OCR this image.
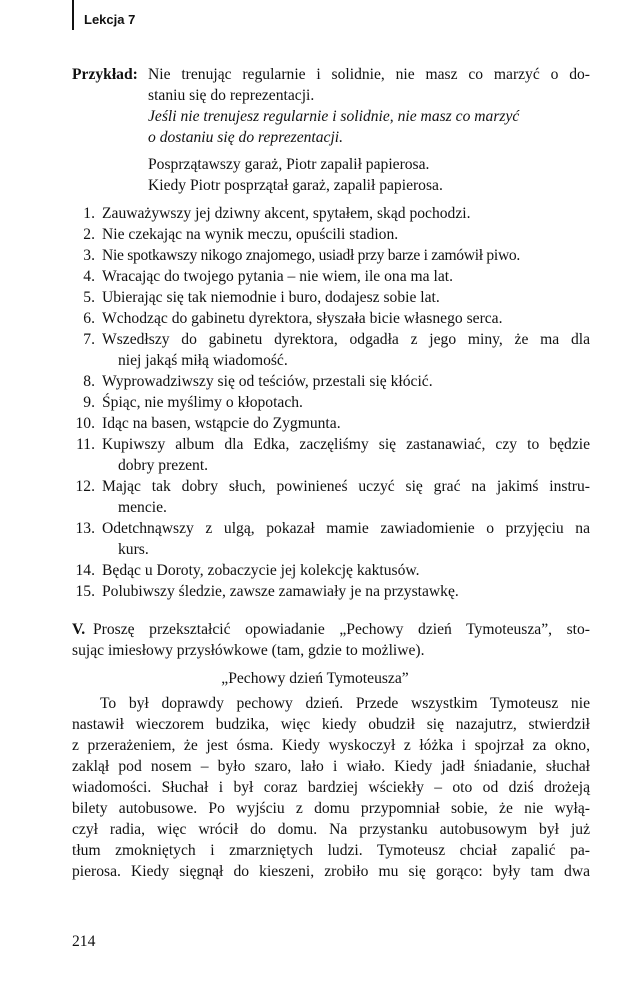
Lekcja 7
Przykład: Nie trenując regularnie i solidnie, nie masz co marzyć o do-
staniu się do reprezentacji.
Jeśli nie trenujesz regularnie i solidnie, nie masz co marzyć
o dostaniu się do reprezentacji.
Posprzątawszy garaż, Piotr zapalił papierosa.
Kiedy Piotr posprzątał garaż, zapalił papierosa.
1. Zauważywszy jej dziwny akcent, spytałem, skąd pochodzi.
2. Nie czekając na wynik meczu, opuścili stadion.
3. Nie spotkawszy nikogo znajomego, usiadł przy barze i zamówił piwo.
4. Wracając do twojego pytania – nie wiem, ile ona ma lat.
5. Ubierając się tak niemodnie i buro, dodajesz sobie lat.
6. Wchodząc do gabinetu dyrektora, słyszała bicie własnego serca.
7. Wszedłszy do gabinetu dyrektora, odgadła z jego miny, że ma dla
niej jakąś miłą wiadomość.
8. Wyprowadziwszy się od teściów, przestali się kłócić.
9. Śpiąc, nie myślimy o kłopotach.
10. Idąc na basen, wstąpcie do Zygmunta.
11. Kupiwszy album dla Edka, zaczęliśmy się zastanawiać, czy to będzie
dobry prezent.
12. Mając tak dobry słuch, powinieneś uczyć się grać na jakimś instru-
mencie.
13. Odetchnąwszy z ulgą, pokazał mamie zawiadomienie o przyjęciu na
kurs.
14. Będąc u Doroty, zobaczycie jej kolekcję kaktusów.
15. Polubiwszy śledzie, zawsze zamawiały je na przystawkę.
V. Proszę przekształcić opowiadanie „Pechowy dzień Tymoteusza”, sto-
sując imiesłowy przysłówkowe (tam, gdzie to możliwe).
„Pechowy dzień Tymoteusza”
To był doprawdy pechowy dzień. Przede wszystkim Tymoteusz nie
nastawił wieczorem budzika, więc kiedy obudził się nazajutrz, stwierdził
z przerażeniem, że jest ósma. Kiedy wyskoczył z łóżka i spojrzał za okno,
zaklął pod nosem – było szaro, lało i wiało. Kiedy jadł śniadanie, słuchał
wiadomości. Słuchał i był coraz bardziej wściekły – oto od dziś drożeją
bilety autobusowe. Po wyjściu z domu przypomniał sobie, że nie wyłą-
czył radia, więc wrócił do domu. Na przystanku autobusowym był już
tłum zmokniętych i zmarzniętych ludzi. Tymoteusz chciał zapalić pa-
pierosa. Kiedy sięgnął do kieszeni, zrobiło mu się gorąco: były tam dwa
214
